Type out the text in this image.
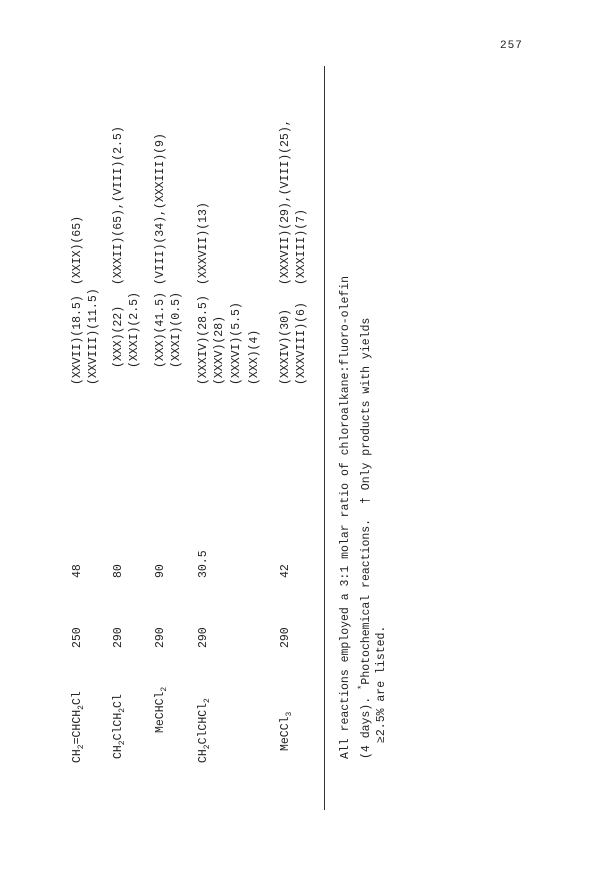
257
$CH_2=CHCH_2Cl$
250
48
(XXVII)(18.5) (XXVIII)(11.5)
(XXIX)(65)
$CH_2ClCH_2Cl$
290
80
(XXX)(22) (XXXI)(2.5)
(XXXII)(65),(VIII)(2.5)
MeCHCl$_2$
290
90
(XXX)(41.5) (XXXI)(0.5)
(VIII)(34),(XXXIII)(9)
$CH_2ClCHCl_2$
290
30.5
(XXXIV)(28.5) (XXXV)(28) (XXXVI)(5.5) (XXX)(4)
(XXXVII)(13)
MeCCl$_3$
290
42
(XXXIV)(30) (XXXVIII)(6)
(XXXVII)(29),(VIII)(25), (XXXIII)(7)
All reactions employed a 3:1 molar ratio of chloroalkane:fluoro-olefin (4 days). *Photochemical reactions. † Only products with yields
≥2.5% are listed.
